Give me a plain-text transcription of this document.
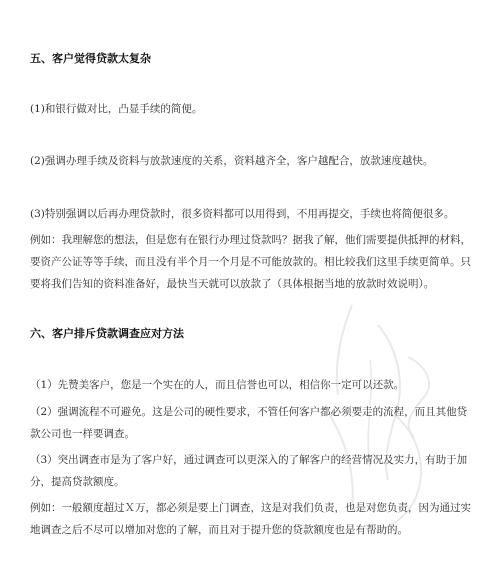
五、客户觉得贷款太复杂
(1)和银行做对比，凸显手续的简便。
(2)强调办理手续及资料与放款速度的关系，资料越齐全，客户越配合，放款速度越快。
(3)特别强调以后再办理贷款时，很多资料都可以用得到，不用再提交，手续也将简便很多。
例如：我理解您的想法，但是您有在银行办理过贷款吗？据我了解，他们需要提供抵押的材料，要资产公证等等手续，而且没有半个月一个月是不可能放款的。相比较我们这里手续更简单。只要将我们告知的资料准备好，最快当天就可以放款了（具体根据当地的放款时效说明）。
六、客户排斥贷款调查应对方法
（1）先赞美客户，您是一个实在的人，而且信誉也可以，相信你一定可以还款。
（2）强调流程不可避免。这是公司的硬性要求，不管任何客户都必须要走的流程，而且其他贷款公司也一样要调查。
（3）突出调查市是为了客户好，通过调查可以更深入的了解客户的经营情况及实力，有助于加分，提高贷款额度。
例如：一般额度超过Ｘ万，都必须是要上门调查，这是对我们负责，也是对您负责，因为通过实地调查之后不尽可以增加对您的了解，而且对于提升您的贷款额度也是有帮助的。
